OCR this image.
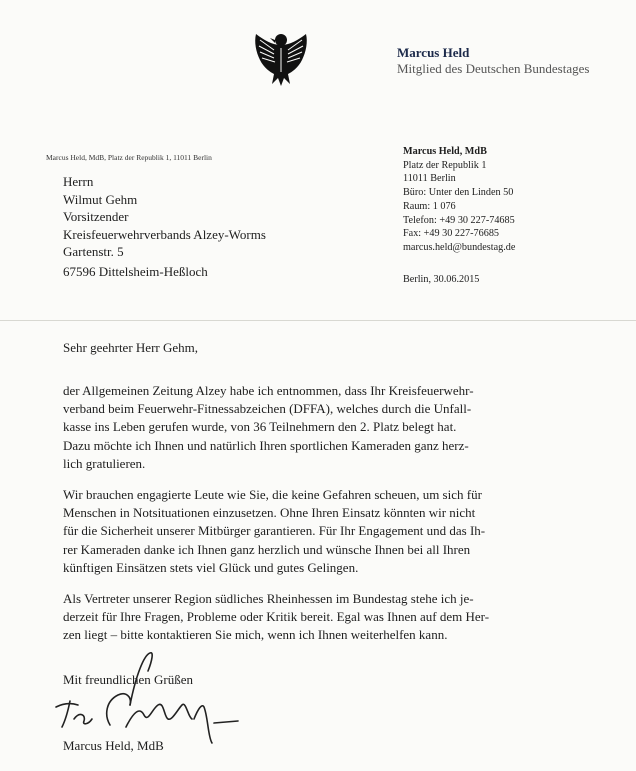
Marcus Held
Mitglied des Deutschen Bundestages
Marcus Held, MdB, Platz der Republik 1, 11011 Berlin
Herrn
Wilmut Gehm
Vorsitzender
Kreisfeuerwehrverbands Alzey-Worms
Gartenstr. 5
67596 Dittelsheim-Heßloch
Marcus Held, MdB
Platz der Republik 1
11011 Berlin
Büro: Unter den Linden 50
Raum: 1 076
Telefon: +49 30 227-74685
Fax: +49 30 227-76685
marcus.held@bundestag.de
Berlin, 30.06.2015
Sehr geehrter Herr Gehm,
der Allgemeinen Zeitung Alzey habe ich entnommen, dass Ihr Kreisfeuerwehr-
verband beim Feuerwehr-Fitnessabzeichen (DFFA), welches durch die Unfall-
kasse ins Leben gerufen wurde, von 36 Teilnehmern den 2. Platz belegt hat.
Dazu möchte ich Ihnen und natürlich Ihren sportlichen Kameraden ganz herz-
lich gratulieren.
Wir brauchen engagierte Leute wie Sie, die keine Gefahren scheuen, um sich für
Menschen in Notsituationen einzusetzen. Ohne Ihren Einsatz könnten wir nicht
für die Sicherheit unserer Mitbürger garantieren. Für Ihr Engagement und das Ih-
rer Kameraden danke ich Ihnen ganz herzlich und wünsche Ihnen bei all Ihren
künftigen Einsätzen stets viel Glück und gutes Gelingen.
Als Vertreter unserer Region südliches Rheinhessen im Bundestag stehe ich je-
derzeit für Ihre Fragen, Probleme oder Kritik bereit. Egal was Ihnen auf dem Her-
zen liegt – bitte kontaktieren Sie mich, wenn ich Ihnen weiterhelfen kann.
Mit freundlichen Grüßen
Marcus Held, MdB
